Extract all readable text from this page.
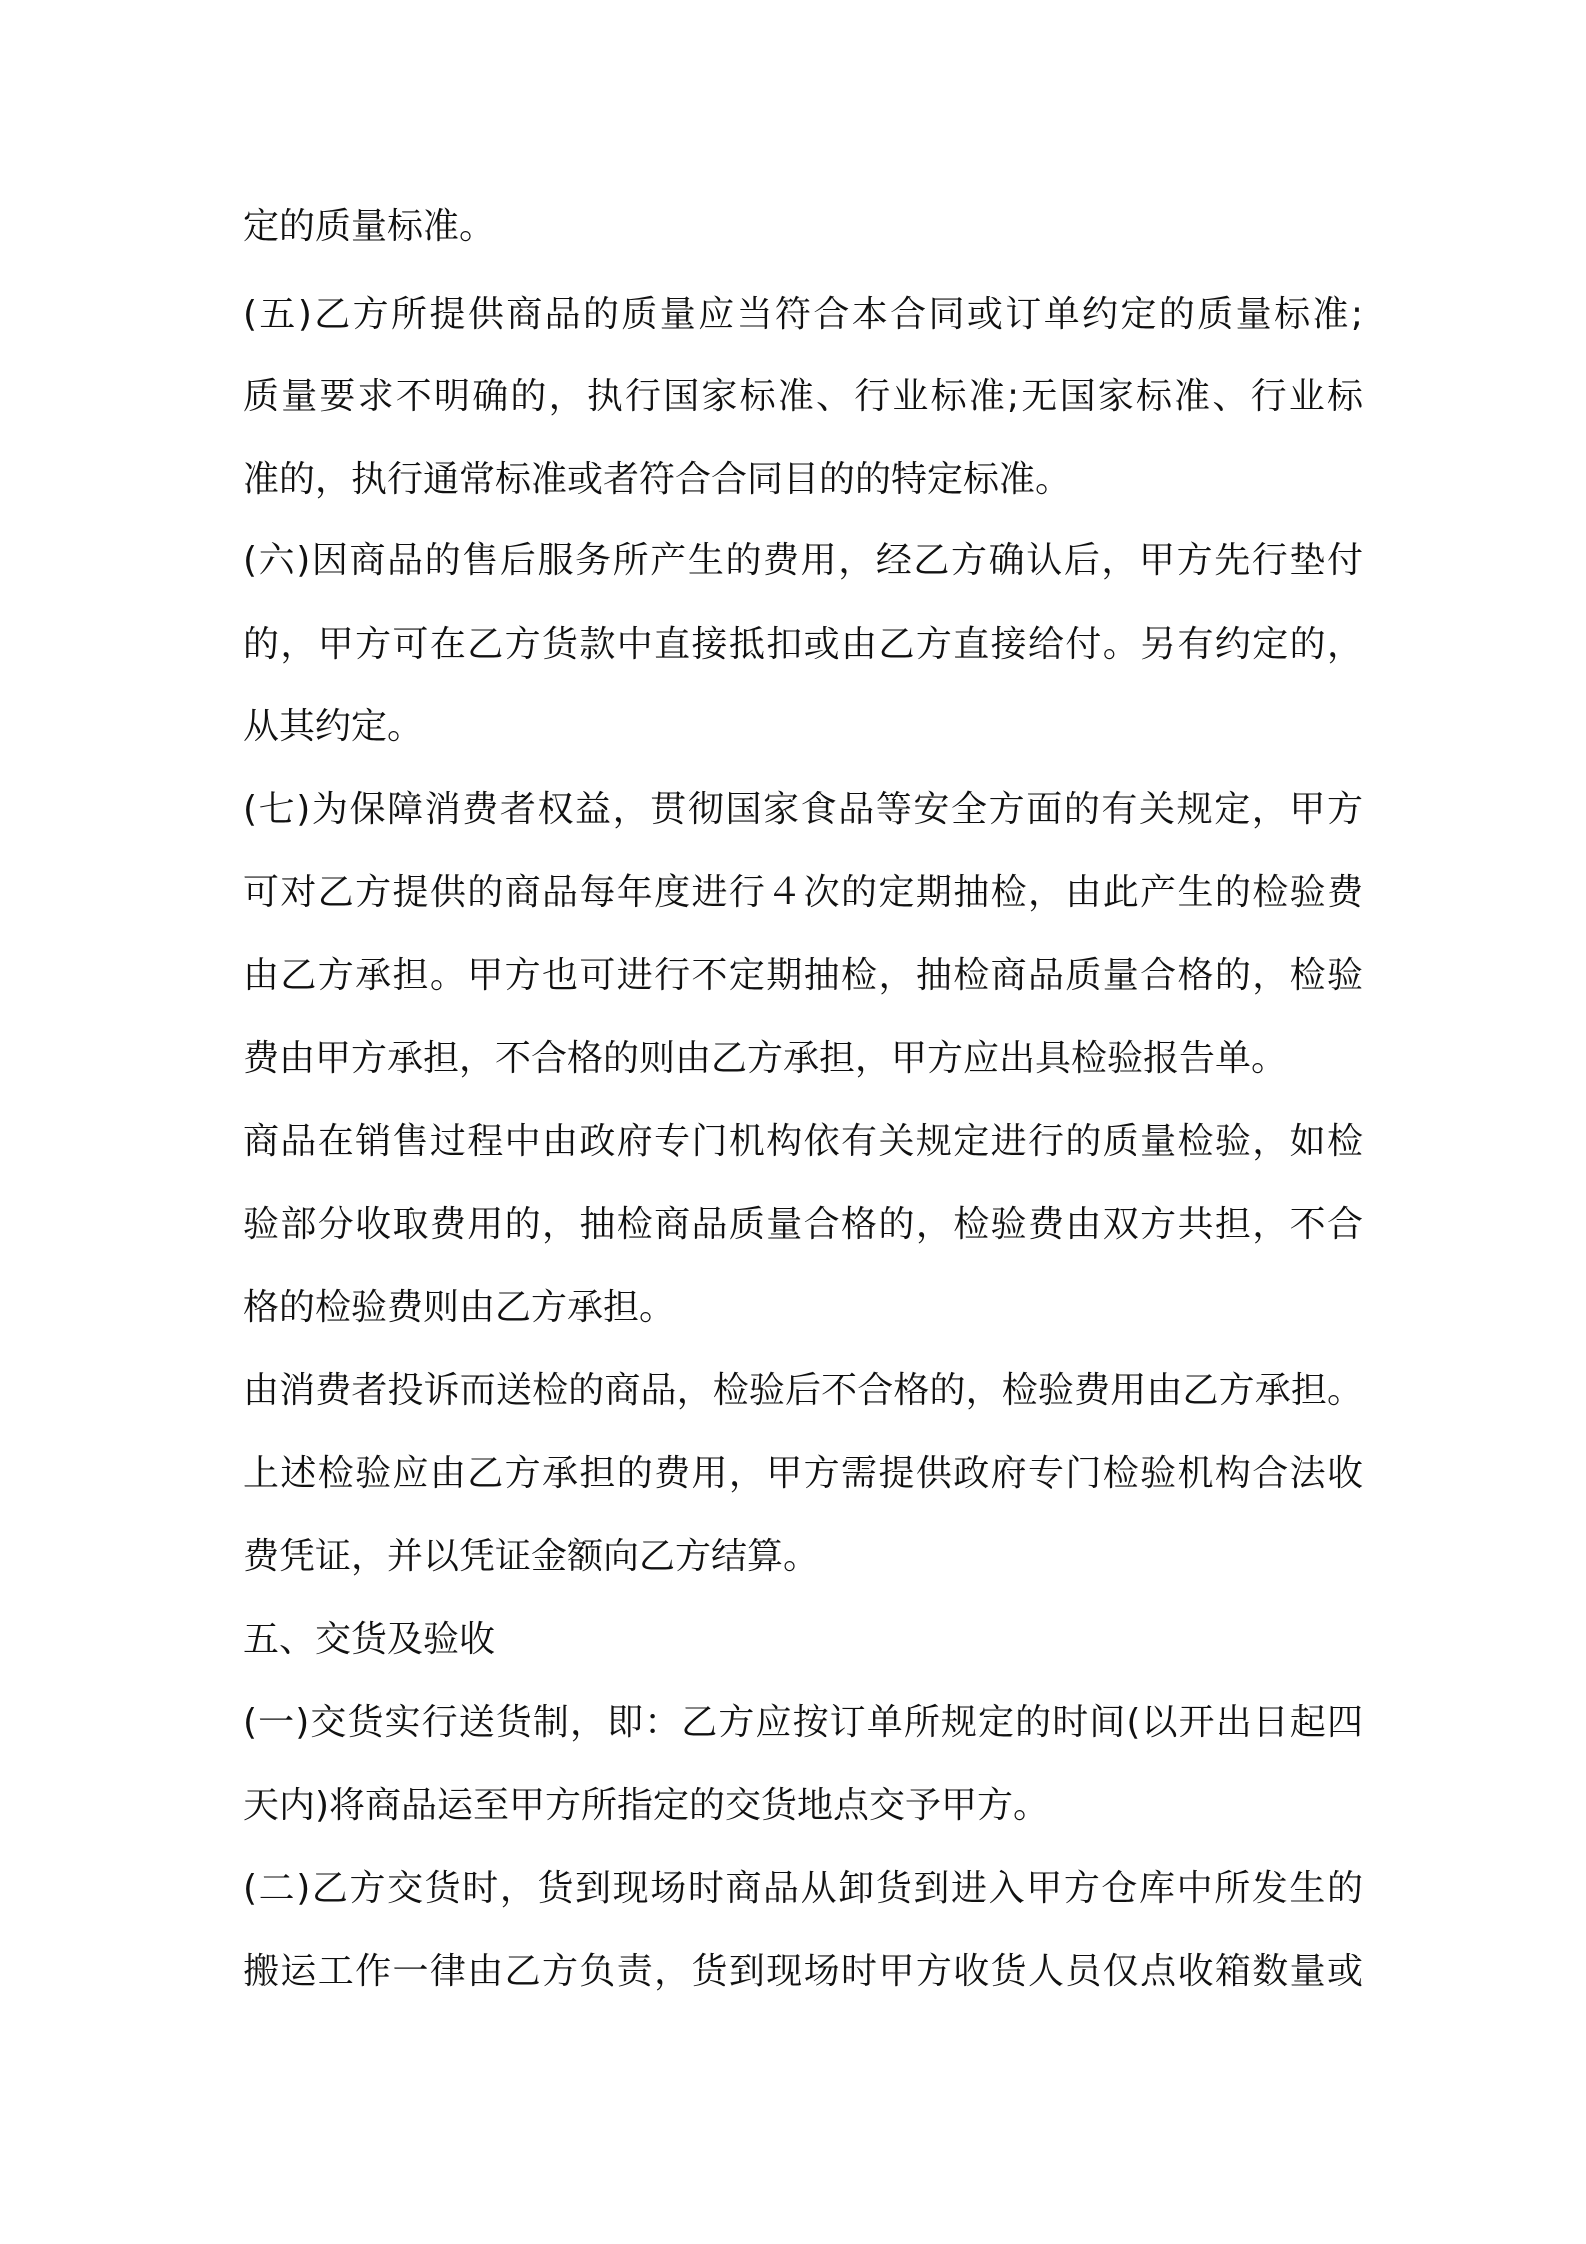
定的质量标准。
(五)乙方所提供商品的质量应当符合本合同或订单约定的质量标准;
质量要求不明确的，执行国家标准、行业标准;无国家标准、行业标
准的，执行通常标准或者符合合同目的的特定标准。
(六)因商品的售后服务所产生的费用，经乙方确认后，甲方先行垫付
的，甲方可在乙方货款中直接抵扣或由乙方直接给付。另有约定的，
从其约定。
(七)为保障消费者权益，贯彻国家食品等安全方面的有关规定，甲方
可对乙方提供的商品每年度进行４次的定期抽检，由此产生的检验费
由乙方承担。甲方也可进行不定期抽检，抽检商品质量合格的，检验
费由甲方承担，不合格的则由乙方承担，甲方应出具检验报告单。
商品在销售过程中由政府专门机构依有关规定进行的质量检验，如检
验部分收取费用的，抽检商品质量合格的，检验费由双方共担，不合
格的检验费则由乙方承担。
由消费者投诉而送检的商品，检验后不合格的，检验费用由乙方承担。
上述检验应由乙方承担的费用，甲方需提供政府专门检验机构合法收
费凭证，并以凭证金额向乙方结算。
五、交货及验收
(一)交货实行送货制，即：乙方应按订单所规定的时间(以开出日起四
天内)将商品运至甲方所指定的交货地点交予甲方。
(二)乙方交货时，货到现场时商品从卸货到进入甲方仓库中所发生的
搬运工作一律由乙方负责，货到现场时甲方收货人员仅点收箱数量或
